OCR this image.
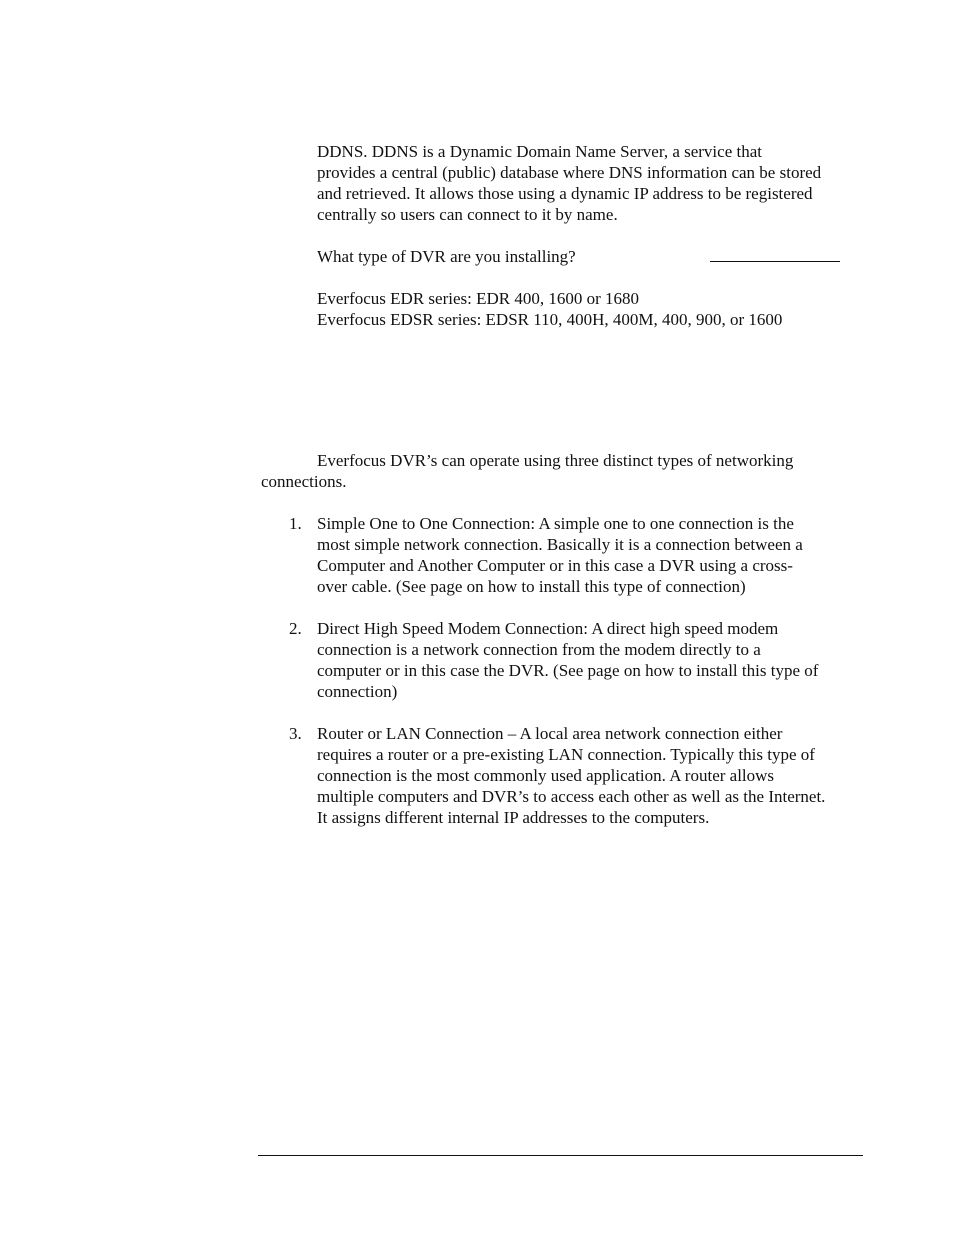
DDNS. DDNS is a Dynamic Domain Name Server, a service that
provides a central (public) database where DNS information can be stored
and retrieved. It allows those using a dynamic IP address to be registered
centrally so users can connect to it by name.
What type of DVR are you installing?
Everfocus EDR series: EDR 400, 1600 or 1680
Everfocus EDSR series: EDSR 110, 400H, 400M, 400, 900, or 1600
Everfocus DVR’s can operate using three distinct types of networking
connections.
1. Simple One to One Connection: A simple one to one connection is the
most simple network connection. Basically it is a connection between a
Computer and Another Computer or in this case a DVR using a cross-
over cable. (See page on how to install this type of connection)
2. Direct High Speed Modem Connection: A direct high speed modem
connection is a network connection from the modem directly to a
computer or in this case the DVR. (See page on how to install this type of
connection)
3. Router or LAN Connection – A local area network connection either
requires a router or a pre-existing LAN connection. Typically this type of
connection is the most commonly used application. A router allows
multiple computers and DVR’s to access each other as well as the Internet.
It assigns different internal IP addresses to the computers.
